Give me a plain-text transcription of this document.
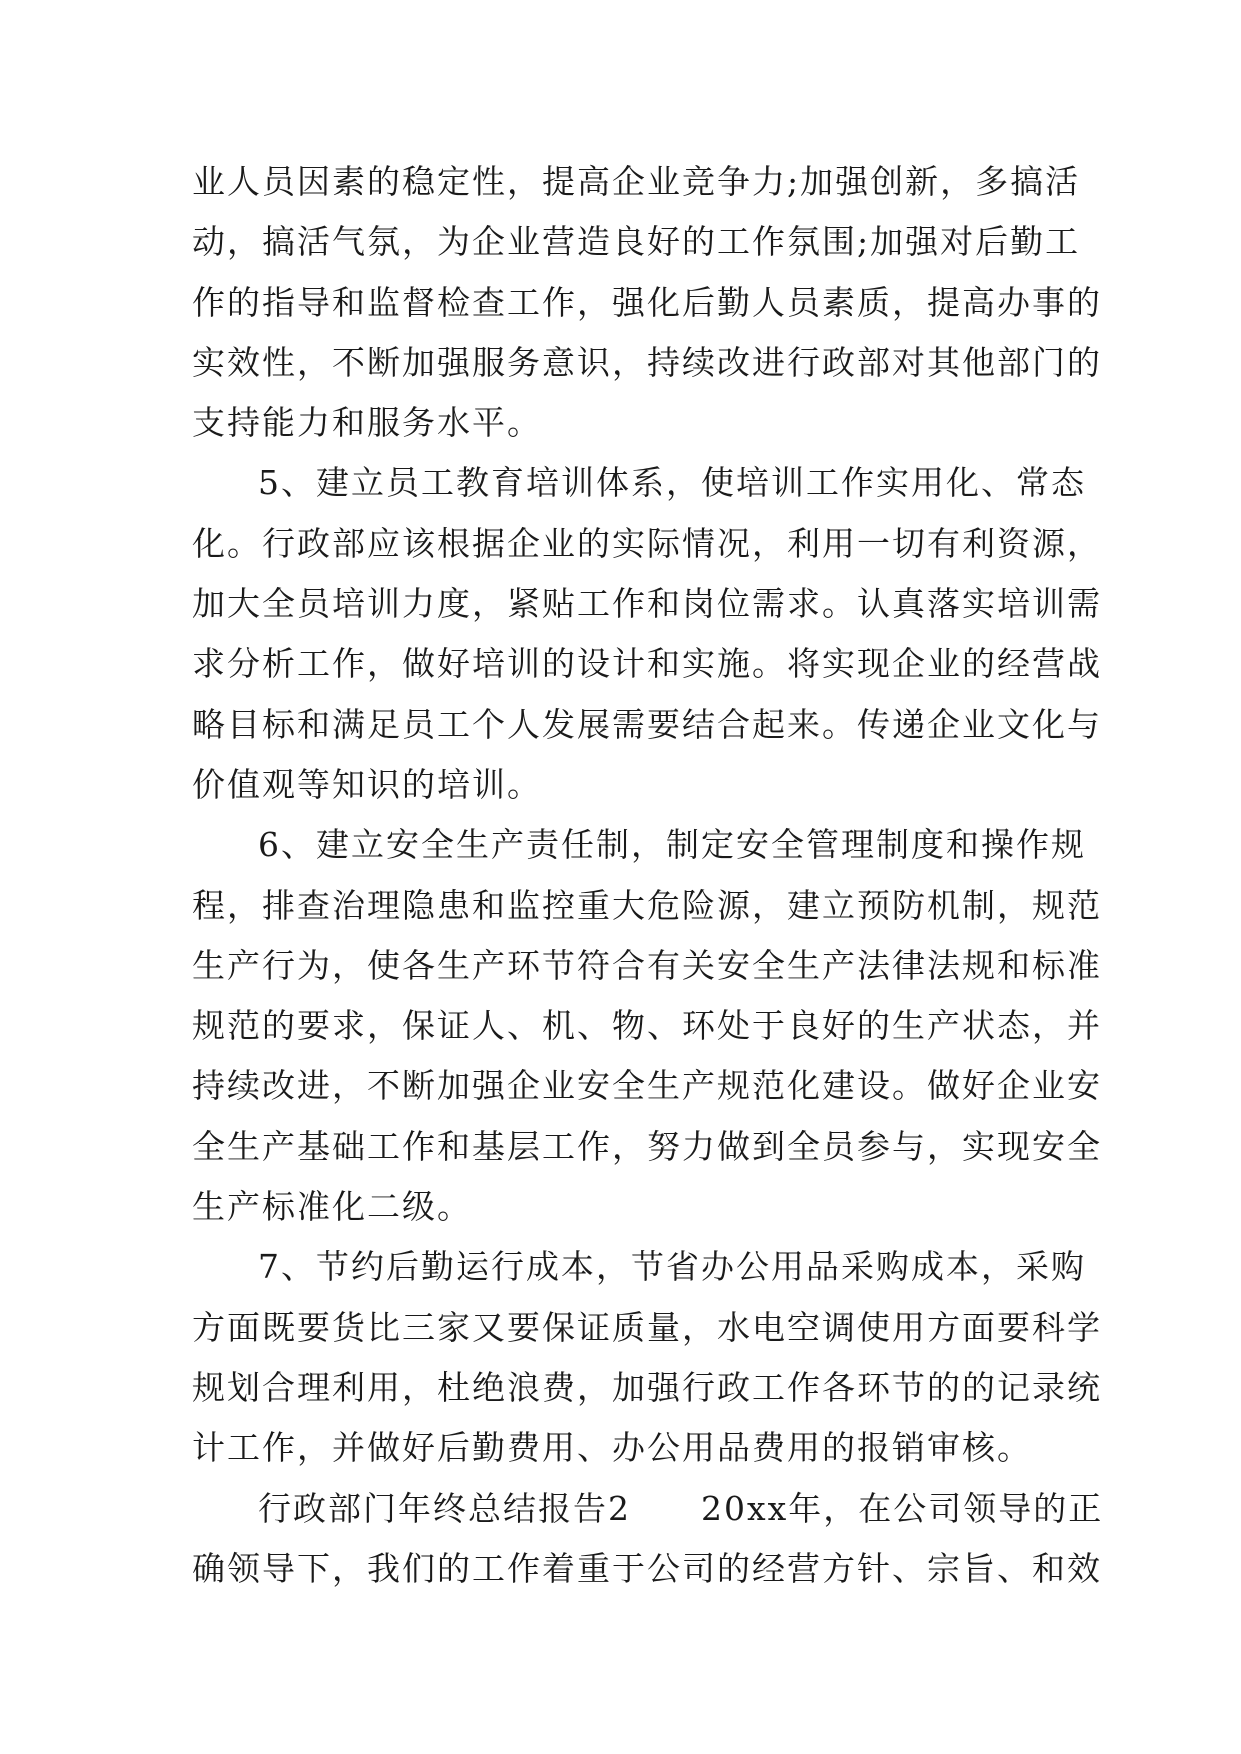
业人员因素的稳定性，提高企业竞争力;加强创新，多搞活
动，搞活气氛，为企业营造良好的工作氛围;加强对后勤工
作的指导和监督检查工作，强化后勤人员素质，提高办事的
实效性，不断加强服务意识，持续改进行政部对其他部门的
支持能力和服务水平。
5、建立员工教育培训体系，使培训工作实用化、常态
化。行政部应该根据企业的实际情况，利用一切有利资源，
加大全员培训力度，紧贴工作和岗位需求。认真落实培训需
求分析工作，做好培训的设计和实施。将实现企业的经营战
略目标和满足员工个人发展需要结合起来。传递企业文化与
价值观等知识的培训。
6、建立安全生产责任制，制定安全管理制度和操作规
程，排查治理隐患和监控重大危险源，建立预防机制，规范
生产行为，使各生产环节符合有关安全生产法律法规和标准
规范的要求，保证人、机、物、环处于良好的生产状态，并
持续改进，不断加强企业安全生产规范化建设。做好企业安
全生产基础工作和基层工作，努力做到全员参与，实现安全
生产标准化二级。
7、节约后勤运行成本，节省办公用品采购成本，采购
方面既要货比三家又要保证质量，水电空调使用方面要科学
规划合理利用，杜绝浪费，加强行政工作各环节的的记录统
计工作，并做好后勤费用、办公用品费用的报销审核。
行政部门年终总结报告2　　20xx年，在公司领导的正
确领导下，我们的工作着重于公司的经营方针、宗旨、和效
